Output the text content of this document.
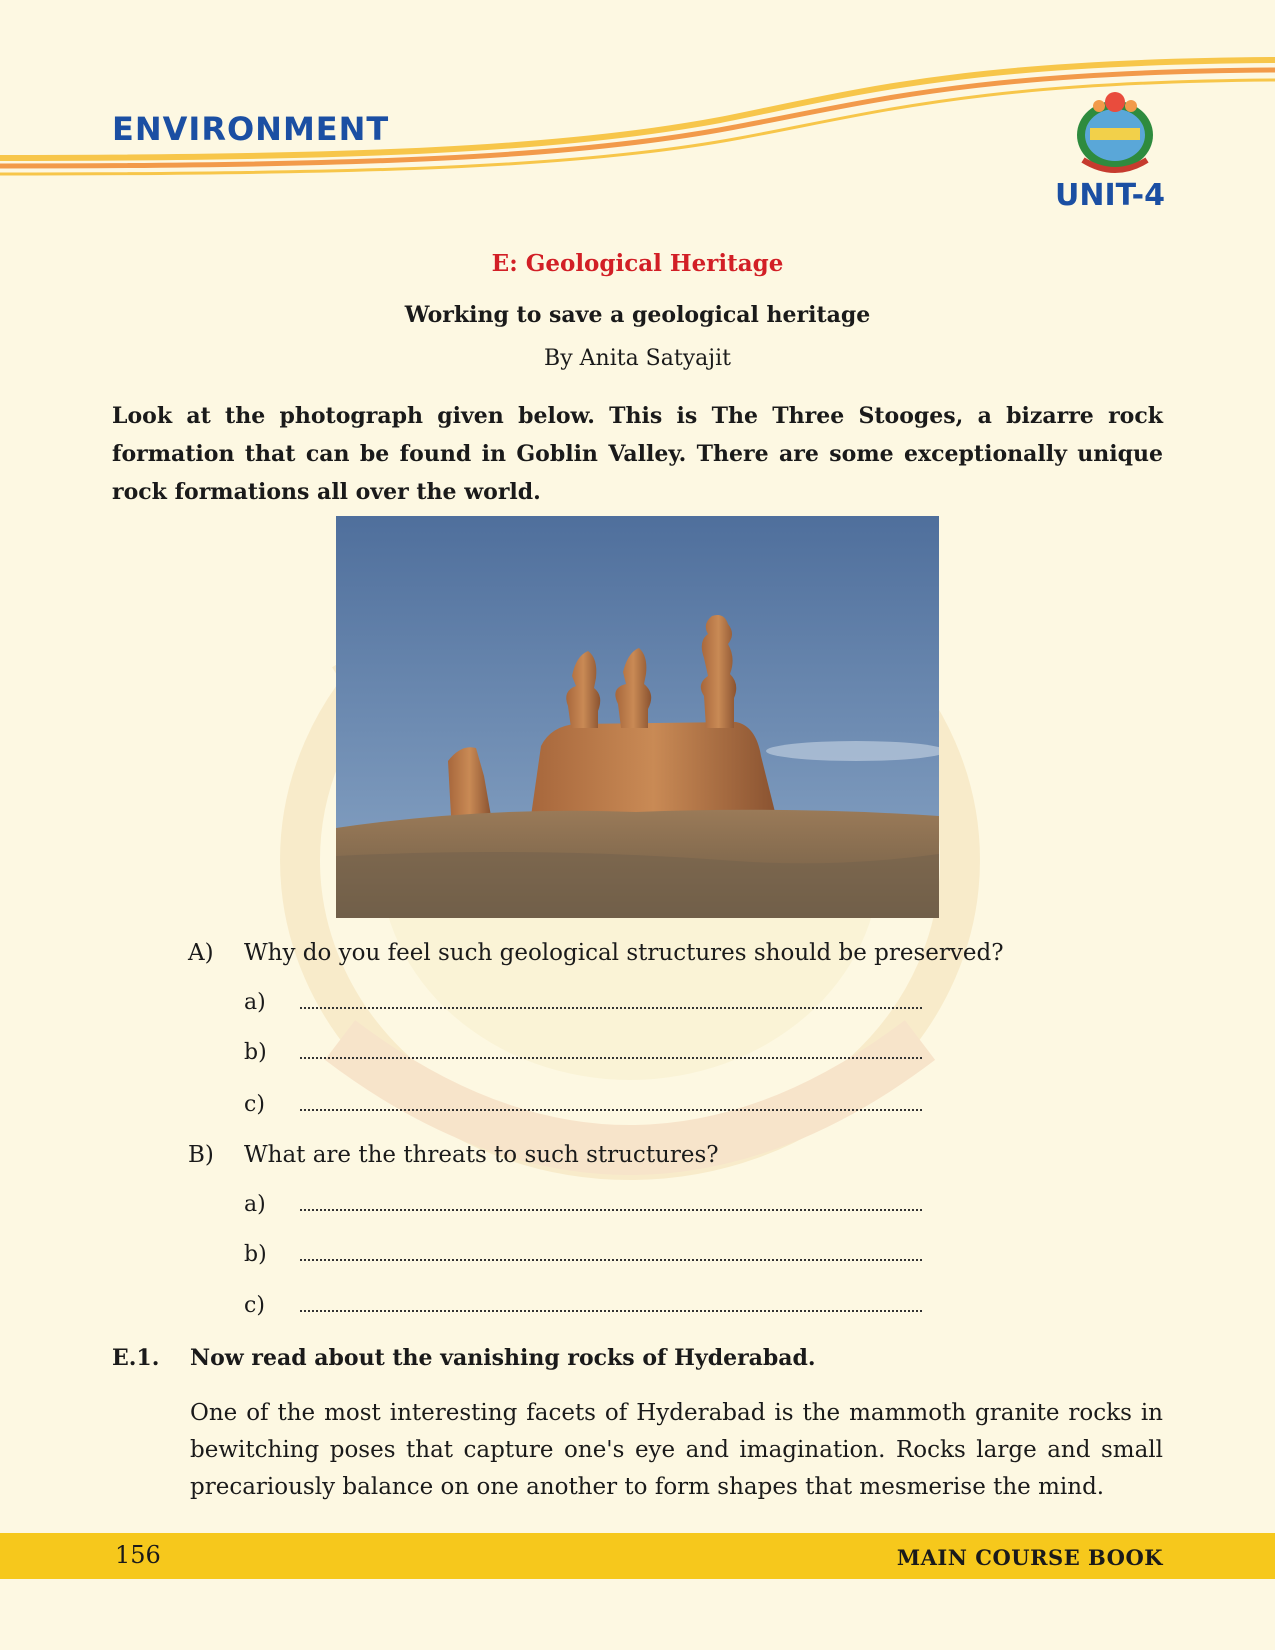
ENVIRONMENT
UNIT-4
E: Geological Heritage
Working to save a geological heritage
By Anita Satyajit
Look at the photograph given below. This is The Three Stooges, a bizarre rock formation that can be found in Goblin Valley. There are some exceptionally unique rock formations all over the world.
A) Why do you feel such geological structures should be preserved?
a)
b)
c)
B) What are the threats to such structures?
a)
b)
c)
E.1. Now read about the vanishing rocks of Hyderabad.
One of the most interesting facets of Hyderabad is the mammoth granite rocks in bewitching poses that capture one's eye and imagination. Rocks large and small precariously balance on one another to form shapes that mesmerise the mind.
156	MAIN COURSE BOOK
